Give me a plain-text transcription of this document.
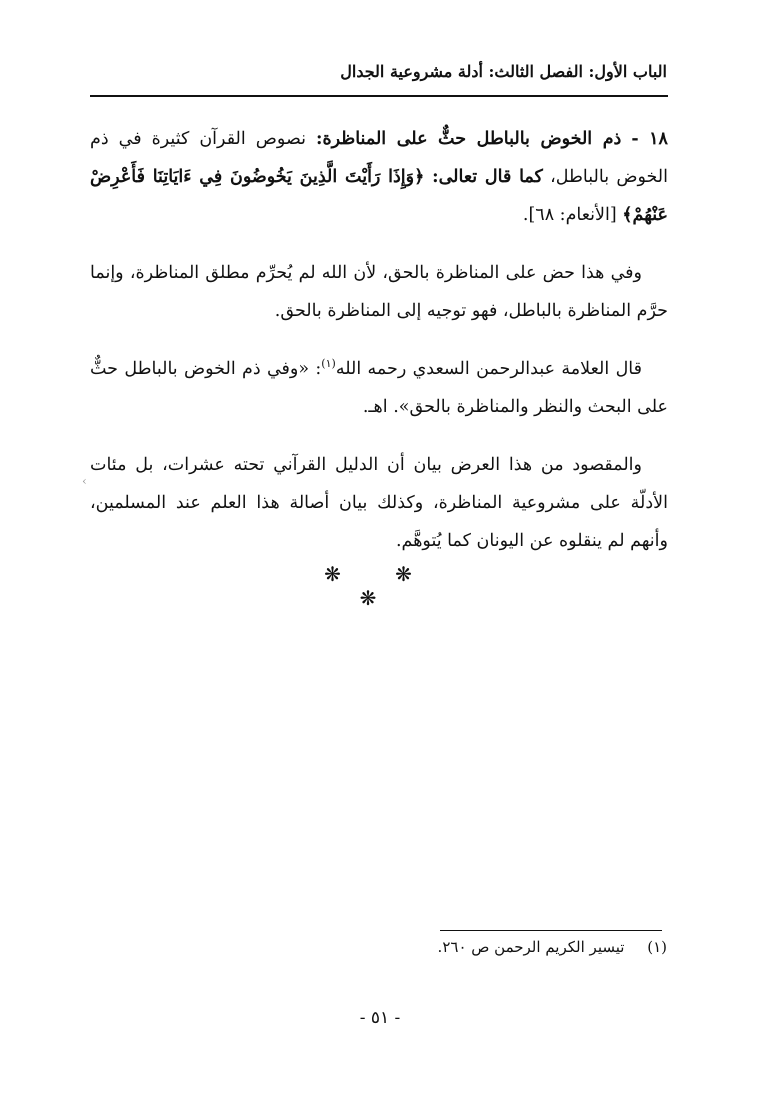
الباب الأول: الفصل الثالث: أدلة مشروعية الجدال

١٨ - ذم الخوض بالباطل حثٌّ على المناظرة: نصوص القرآن كثيرة في ذم الخوض بالباطل، كما قال تعالى: ﴿وَإِذَا رَأَيْتَ الَّذِينَ يَخُوضُونَ فِي ءَايَاتِنَا فَأَعْرِضْ عَنْهُمْ﴾ [الأنعام: ٦٨].

وفي هذا حض على المناظرة بالحق، لأن الله لم يُحرِّم مطلق المناظرة، وإنما حرَّم المناظرة بالباطل، فهو توجيه إلى المناظرة بالحق.

قال العلامة عبدالرحمن السعدي رحمه الله$^{(١)}$: «وفي ذم الخوض بالباطل حثٌّ على البحث والنظر والمناظرة بالحق». اهـ.

والمقصود من هذا العرض بيان أن الدليل القرآني تحته عشرات، بل مئات الأدلّة على مشروعية المناظرة، وكذلك بيان أصالة هذا العلم عند المسلمين، وأنهم لم ينقلوه عن اليونان كما يُتوهَّم.

‹
❋ ❋ ❋
(١) تيسير الكريم الرحمن ص ٢٦٠.
- ٥١ -
